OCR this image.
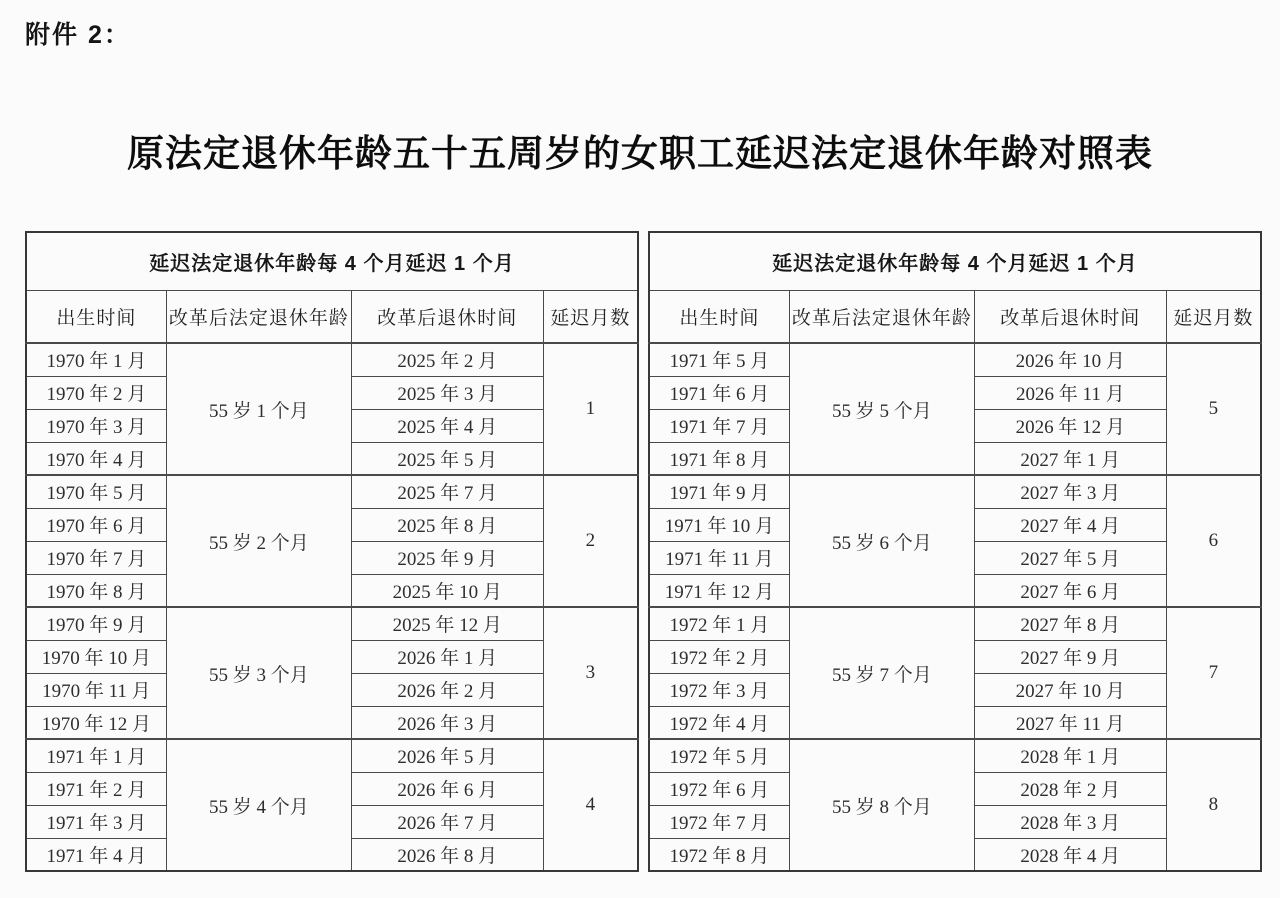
附件 2：
原法定退休年龄五十五周岁的女职工延迟法定退休年龄对照表
延迟法定退休年龄每 4 个月延迟 1 个月			
出生时间	改革后法定退休年龄	改革后退休时间	延迟月数
1970 年 1 月	55 岁 1 个月	2025 年 2 月	1
1970 年 2 月		2025 年 3 月	
1970 年 3 月		2025 年 4 月	
1970 年 4 月		2025 年 5 月	
1970 年 5 月	55 岁 2 个月	2025 年 7 月	2
1970 年 6 月		2025 年 8 月	
1970 年 7 月		2025 年 9 月	
1970 年 8 月		2025 年 10 月	
1970 年 9 月	55 岁 3 个月	2025 年 12 月	3
1970 年 10 月		2026 年 1 月	
1970 年 11 月		2026 年 2 月	
1970 年 12 月		2026 年 3 月	
1971 年 1 月	55 岁 4 个月	2026 年 5 月	4
1971 年 2 月		2026 年 6 月	
1971 年 3 月		2026 年 7 月	
1971 年 4 月		2026 年 8 月	
延迟法定退休年龄每 4 个月延迟 1 个月			
出生时间	改革后法定退休年龄	改革后退休时间	延迟月数
1971 年 5 月	55 岁 5 个月	2026 年 10 月	5
1971 年 6 月		2026 年 11 月	
1971 年 7 月		2026 年 12 月	
1971 年 8 月		2027 年 1 月	
1971 年 9 月	55 岁 6 个月	2027 年 3 月	6
1971 年 10 月		2027 年 4 月	
1971 年 11 月		2027 年 5 月	
1971 年 12 月		2027 年 6 月	
1972 年 1 月	55 岁 7 个月	2027 年 8 月	7
1972 年 2 月		2027 年 9 月	
1972 年 3 月		2027 年 10 月	
1972 年 4 月		2027 年 11 月	
1972 年 5 月	55 岁 8 个月	2028 年 1 月	8
1972 年 6 月		2028 年 2 月	
1972 年 7 月		2028 年 3 月	
1972 年 8 月		2028 年 4 月	
